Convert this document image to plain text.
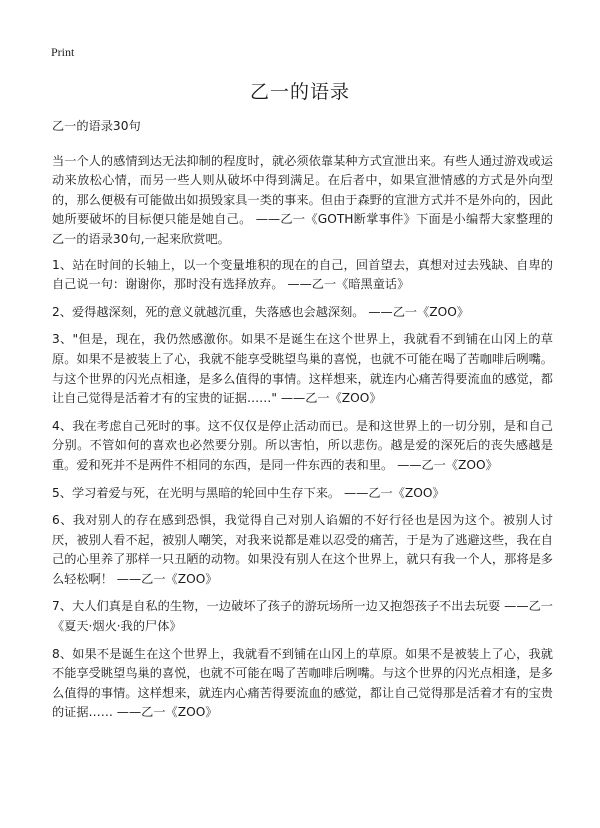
Print
乙一的语录

乙一的语录30句

当一个人的感情到达无法抑制的程度时，就必须依靠某种方式宣泄出来。有些人通过游戏或运动来放松心情，而另一些人则从破坏中得到满足。在后者中，如果宣泄情感的方式是外向型的，那么便极有可能做出如损毁家具一类的事来。但由于森野的宣泄方式并不是外向的，因此她所要破坏的目标便只能是她自己。 ——乙一《GOTH断掌事件》下面是小编帮大家整理的乙一的语录30句,一起来欣赏吧。

1、站在时间的长轴上，以一个变量堆积的现在的自己，回首望去，真想对过去残缺、自卑的自己说一句：谢谢你，那时没有选择放弃。 ——乙一《暗黑童话》

2、爱得越深刻，死的意义就越沉重，失落感也会越深刻。 ——乙一《ZOO》

3、"但是，现在，我仍然感激你。如果不是诞生在这个世界上，我就看不到铺在山冈上的草原。如果不是被装上了心，我就不能享受眺望鸟巢的喜悦，也就不可能在喝了苦咖啡后咧嘴。与这个世界的闪光点相逢，是多么值得的事情。这样想来，就连内心痛苦得要流血的感觉，都让自己觉得是活着才有的宝贵的证据……" ——乙一《ZOO》

4、我在考虑自己死时的事。这不仅仅是停止活动而已。是和这世界上的一切分别，是和自己分别。不管如何的喜欢也必然要分别。所以害怕，所以悲伤。越是爱的深死后的丧失感越是重。爱和死并不是两件不相同的东西，是同一件东西的表和里。 ——乙一《ZOO》

5、学习着爱与死，在光明与黑暗的轮回中生存下来。 ——乙一《ZOO》

6、我对别人的存在感到恐惧，我觉得自己对别人谄媚的不好行径也是因为这个。被别人讨厌，被别人看不起，被别人嘲笑，对我来说都是难以忍受的痛苦，于是为了逃避这些，我在自己的心里养了那样一只丑陋的动物。如果没有别人在这个世界上，就只有我一个人，那将是多么轻松啊！ ——乙一《ZOO》

7、大人们真是自私的生物，一边破坏了孩子的游玩场所一边又抱怨孩子不出去玩耍 ——乙一《夏天·烟火·我的尸体》

8、如果不是诞生在这个世界上，我就看不到铺在山冈上的草原。如果不是被装上了心，我就不能享受眺望鸟巢的喜悦，也就不可能在喝了苦咖啡后咧嘴。与这个世界的闪光点相逢，是多么值得的事情。这样想来，就连内心痛苦得要流血的感觉，都让自己觉得那是活着才有的宝贵的证据…… ——乙一《ZOO》
